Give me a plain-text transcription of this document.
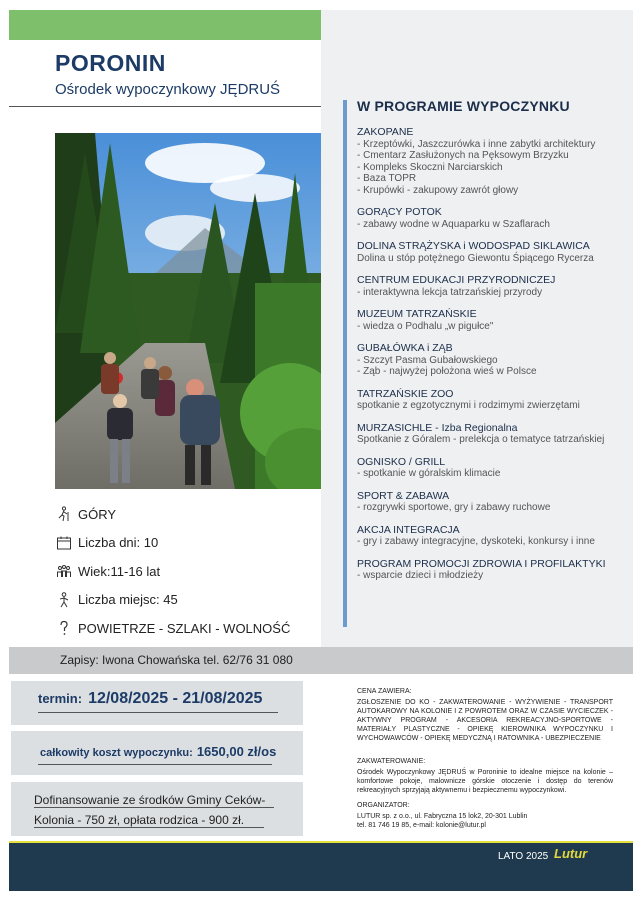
PORONIN
Ośrodek wypoczynkowy JĘDRUŚ
GÓRY
Liczba dni: 10
Wiek:11-16 lat
Liczba miejsc: 45
POWIETRZE - SZLAKI - WOLNOŚĆ
W PROGRAMIE WYPOCZYNKU
ZAKOPANE
- Krzeptówki, Jaszczurówka i inne zabytki architektury
- Cmentarz Zasłużonych na Pęksowym Brzyzku
- Kompleks Skoczni Narciarskich
- Baza TOPR
- Krupówki - zakupowy zawrót głowy
GORĄCY POTOK
- zabawy wodne w Aquaparku w Szaflarach
DOLINA STRĄŻYSKA i WODOSPAD SIKLAWICA
Dolina u stóp potężnego Giewontu Śpiącego Rycerza
CENTRUM EDUKACJI PRZYRODNICZEJ
- interaktywna lekcja tatrzańskiej przyrody
MUZEUM TATRZAŃSKIE
- wiedza o Podhalu „w pigułce"
GUBAŁÓWKA i ZĄB
- Szczyt Pasma Gubałowskiego
- Ząb - najwyżej położona wieś w Polsce
TATRZAŃSKIE ZOO
spotkanie z egzotycznymi i rodzimymi zwierzętami
MURZASICHLE - Izba Regionalna
Spotkanie z Góralem - prelekcja o tematyce tatrzańskiej
OGNISKO / GRILL
- spotkanie w góralskim klimacie
SPORT & ZABAWA
- rozgrywki sportowe, gry i zabawy ruchowe
AKCJA INTEGRACJA
- gry i zabawy integracyjne, dyskoteki, konkursy i inne
PROGRAM PROMOCJI ZDROWIA I PROFILAKTYKI
- wsparcie dzieci i młodzieży
Zapisy: Iwona Chowańska tel. 62/76 31 080
termin: 12/08/2025 - 21/08/2025
całkowity koszt wypoczynku: 1650,00 zł/os
Dofinansowanie ze środków Gminy Ceków-Kolonia - 750 zł, opłata rodzica - 900 zł.
CENA ZAWIERA:
ZGŁOSZENIE DO KO - ZAKWATEROWANIE - WYŻYWIENIE - TRANSPORT AUTOKAROWY NA KOLONIE I Z POWROTEM ORAZ W CZASIE WYCIECZEK - AKTYWNY PROGRAM - AKCESORIA REKREACYJNO-SPORTOWE - MATERIAŁY PLASTYCZNE - OPIEKĘ KIEROWNIKA WYPOCZYNKU I WYCHOWAWCÓW - OPIEKĘ MEDYCZNĄ I RATOWNIKA - UBEZPIECZENIE
ZAKWATEROWANIE:
Ośrodek Wypoczynkowy JĘDRUŚ w Poroninie to idealne miejsce na kolonie – komfortowe pokoje, malownicze górskie otoczenie i dostęp do terenów rekreacyjnych sprzyjają aktywnemu i bezpiecznemu wypoczynkowi.
ORGANIZATOR:
LUTUR sp. z o.o., ul. Fabryczna 15 lok2, 20-301 Lublin
tel. 81 746 19 85, e-mail: kolonie@lutur.pl
LATO 2025 Lutur
